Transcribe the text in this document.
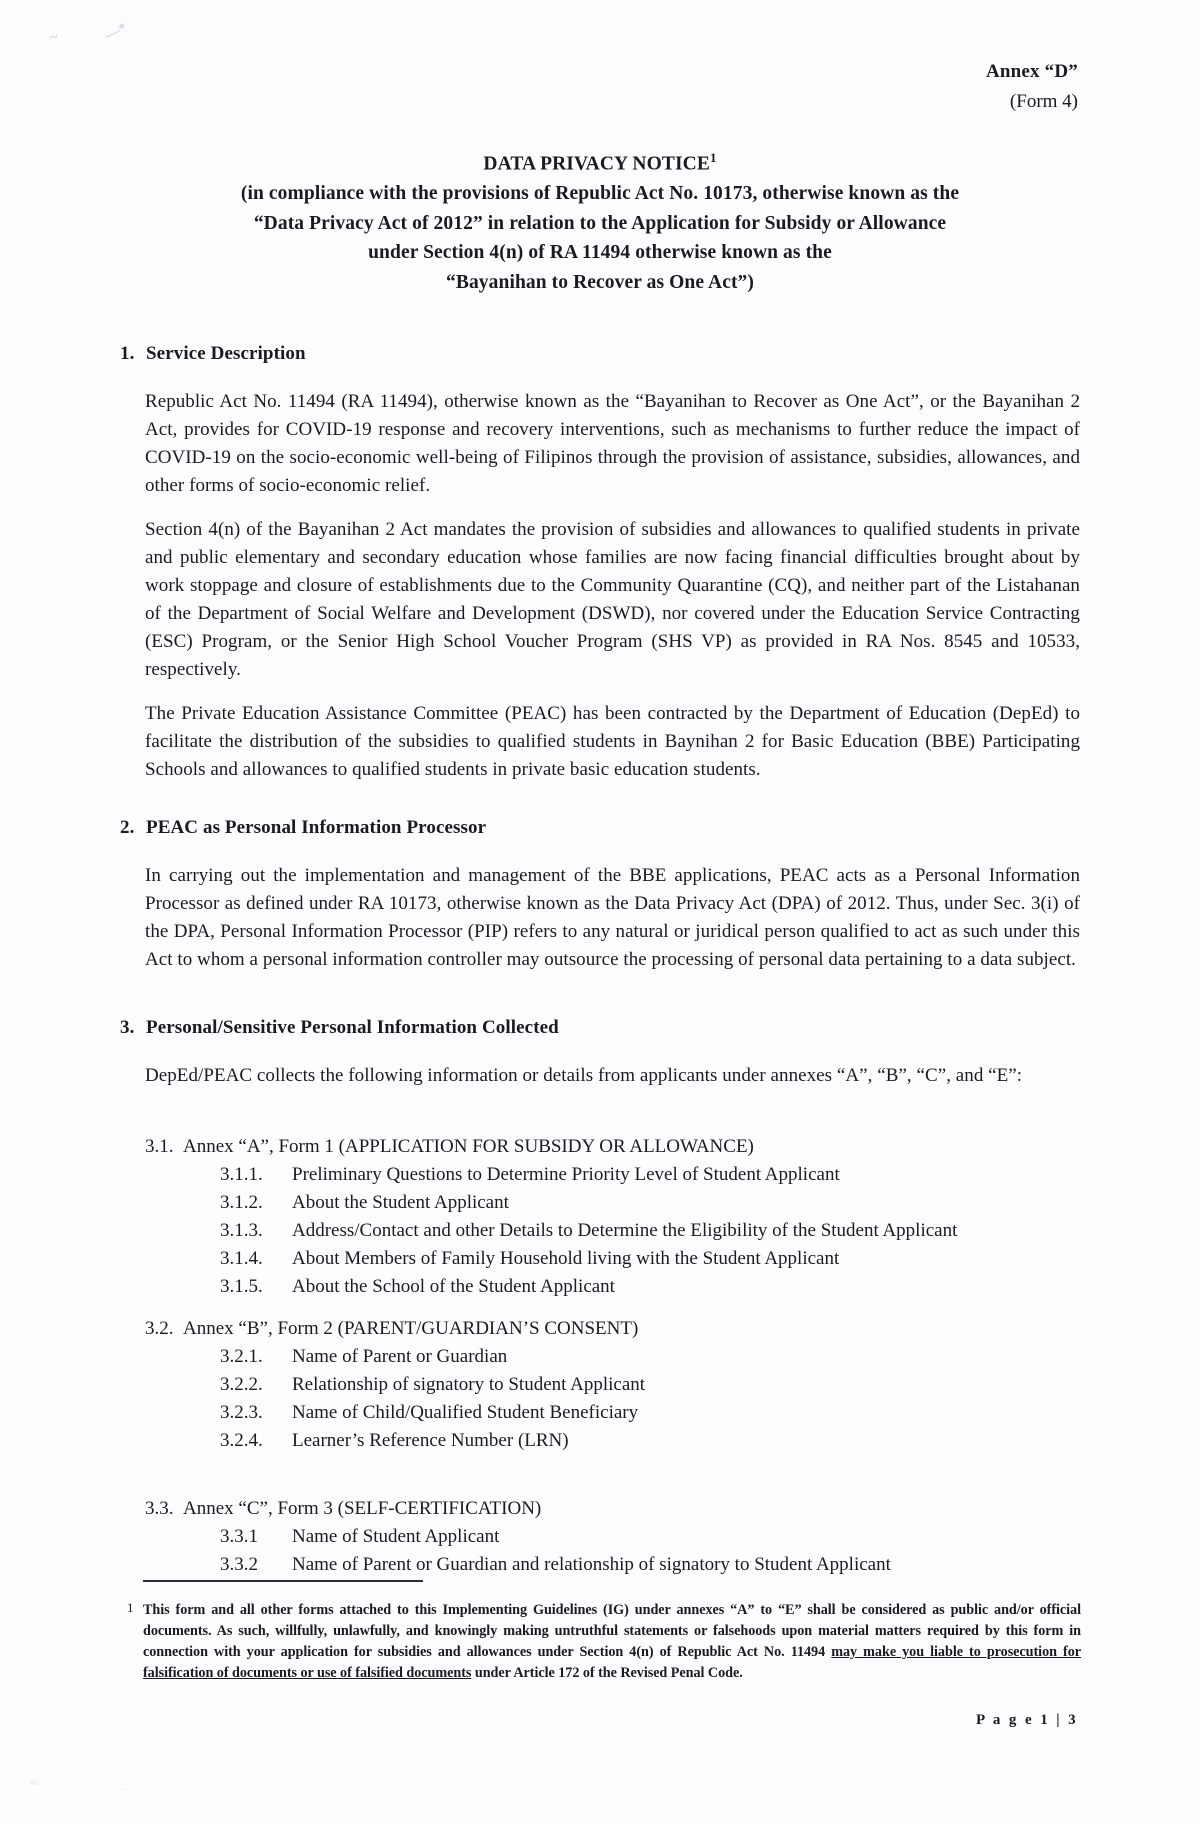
~	—*
≈	··
·
Annex “D”
(Form 4)
DATA PRIVACY NOTICE$^1$
(in compliance with the provisions of Republic Act No. 10173, otherwise known as the
“Data Privacy Act of 2012” in relation to the Application for Subsidy or Allowance
under Section 4(n) of RA 11494 otherwise known as the
“Bayanihan to Recover as One Act”)
1. Service Description
Republic Act No. 11494 (RA 11494), otherwise known as the “Bayanihan to Recover as One Act”, or the Bayanihan 2 Act, provides for COVID-19 response and recovery interventions, such as mechanisms to further reduce the impact of COVID-19 on the socio-economic well-being of Filipinos through the provision of assistance, subsidies, allowances, and other forms of socio-economic relief.
Section 4(n) of the Bayanihan 2 Act mandates the provision of subsidies and allowances to qualified students in private and public elementary and secondary education whose families are now facing financial difficulties brought about by work stoppage and closure of establishments due to the Community Quarantine (CQ), and neither part of the Listahanan of the Department of Social Welfare and Development (DSWD), nor covered under the Education Service Contracting (ESC) Program, or the Senior High School Voucher Program (SHS VP) as provided in RA Nos. 8545 and 10533, respectively.
The Private Education Assistance Committee (PEAC) has been contracted by the Department of Education (DepEd) to facilitate the distribution of the subsidies to qualified students in Baynihan 2 for Basic Education (BBE) Participating Schools and allowances to qualified students in private basic education students.
2. PEAC as Personal Information Processor
In carrying out the implementation and management of the BBE applications, PEAC acts as a Personal Information Processor as defined under RA 10173, otherwise known as the Data Privacy Act (DPA) of 2012. Thus, under Sec. 3(i) of the DPA, Personal Information Processor (PIP) refers to any natural or juridical person qualified to act as such under this Act to whom a personal information controller may outsource the processing of personal data pertaining to a data subject.
3. Personal/Sensitive Personal Information Collected
DepEd/PEAC collects the following information or details from applicants under annexes “A”, “B”, “C”, and “E”:
3.1. Annex “A”, Form 1 (APPLICATION FOR SUBSIDY OR ALLOWANCE)
3.1.1. Preliminary Questions to Determine Priority Level of Student Applicant
3.1.2. About the Student Applicant
3.1.3. Address/Contact and other Details to Determine the Eligibility of the Student Applicant
3.1.4. About Members of Family Household living with the Student Applicant
3.1.5. About the School of the Student Applicant
3.2. Annex “B”, Form 2 (PARENT/GUARDIAN’S CONSENT)
3.2.1. Name of Parent or Guardian
3.2.2. Relationship of signatory to Student Applicant
3.2.3. Name of Child/Qualified Student Beneficiary
3.2.4. Learner’s Reference Number (LRN)
3.3. Annex “C”, Form 3 (SELF-CERTIFICATION)
3.3.1 Name of Student Applicant
3.3.2 Name of Parent or Guardian and relationship of signatory to Student Applicant
1 This form and all other forms attached to this Implementing Guidelines (IG) under annexes “A” to “E” shall be considered as public and/or official documents. As such, willfully, unlawfully, and knowingly making untruthful statements or falsehoods upon material matters required by this form in connection with your application for subsidies and allowances under Section 4(n) of Republic Act No. 11494 may make you liable to prosecution for falsification of documents or use of falsified documents under Article 172 of the Revised Penal Code.
P a g e 1 | 3
